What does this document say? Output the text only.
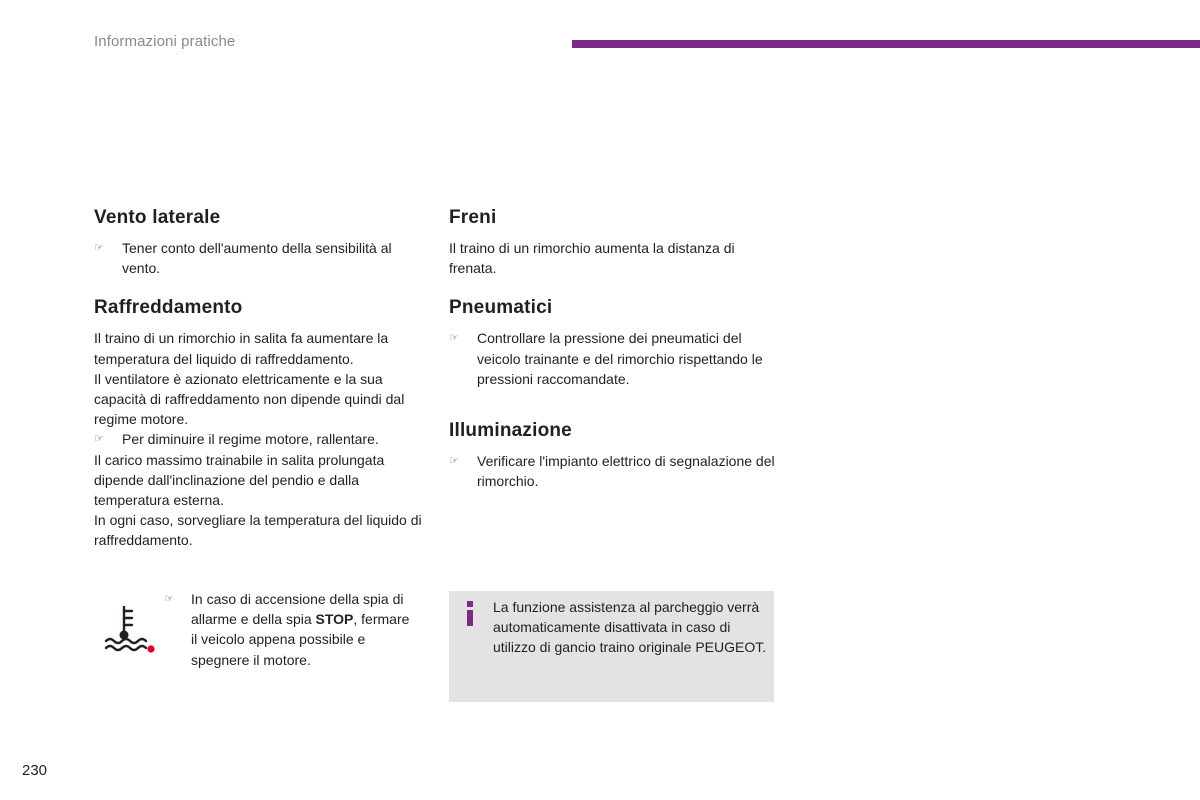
Informazioni pratiche
Vento laterale
☞	Tener conto dell'aumento della sensibilità al vento.
Raffreddamento

Il traino di un rimorchio in salita fa aumentare la temperatura del liquido di raffreddamento.

Il ventilatore è azionato elettricamente e la sua capacità di raffreddamento non dipende quindi dal regime motore.

☞	Per diminuire il regime motore, rallentare.

Il carico massimo trainabile in salita prolungata dipende dall'inclinazione del pendio e dalla temperatura esterna.

In ogni caso, sorvegliare la temperatura del liquido di raffreddamento.

Freni

Il traino di un rimorchio aumenta la distanza di frenata.

Pneumatici
☞	Controllare la pressione dei pneumatici del veicolo trainante e del rimorchio rispettando le pressioni raccomandate.
Illuminazione
☞	Verificare l'impianto elettrico di segnalazione del rimorchio.
☞	In caso di accensione della spia di allarme e della spia STOP, fermare il veicolo appena possibile e spegnere il motore.
La funzione assistenza al parcheggio verrà automaticamente disattivata in caso di utilizzo di gancio traino originale PEUGEOT.
230
